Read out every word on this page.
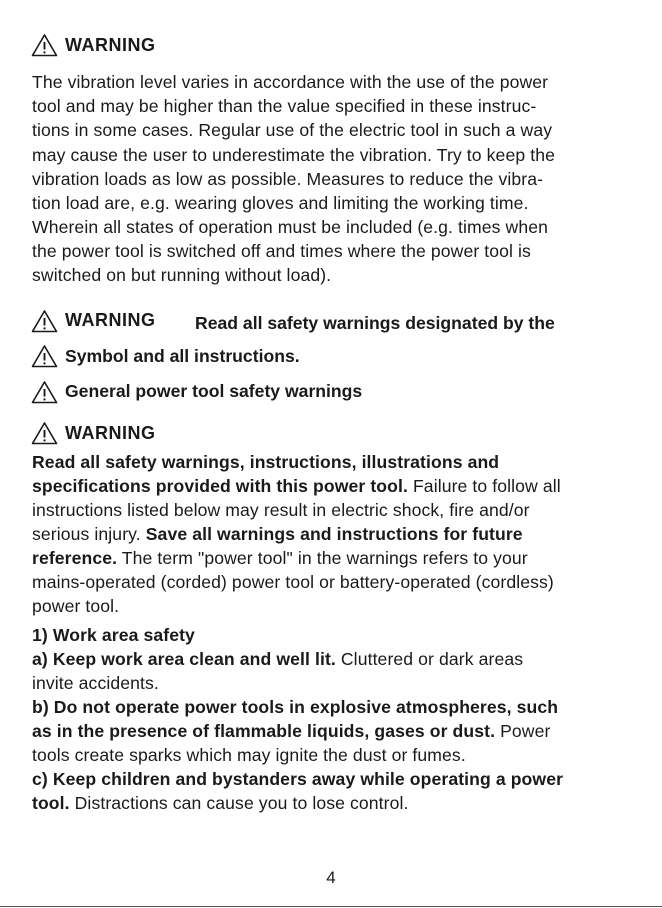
WARNING
The vibration level varies in accordance with the use of the power
tool and may be higher than the value specified in these instruc-
tions in some cases. Regular use of the electric tool in such a way
may cause the user to underestimate the vibration. Try to keep the
vibration loads as low as possible. Measures to reduce the vibra-
tion load are, e.g. wearing gloves and limiting the working time.
Wherein all states of operation must be included (e.g. times when
the power tool is switched off and times where the power tool is
switched on but running without load).
WARNING Read all safety warnings designated by the
Symbol and all instructions.
General power tool safety warnings
WARNING
Read all safety warnings, instructions, illustrations and
specifications provided with this power tool. Failure to follow all
instructions listed below may result in electric shock, fire and/or
serious injury. Save all warnings and instructions for future
reference. The term "power tool" in the warnings refers to your
mains-operated (corded) power tool or battery-operated (cordless)
power tool.
1) Work area safety
a) Keep work area clean and well lit. Cluttered or dark areas
invite accidents.
b) Do not operate power tools in explosive atmospheres, such
as in the presence of flammable liquids, gases or dust. Power
tools create sparks which may ignite the dust or fumes.
c) Keep children and bystanders away while operating a power
tool. Distractions can cause you to lose control.
4
